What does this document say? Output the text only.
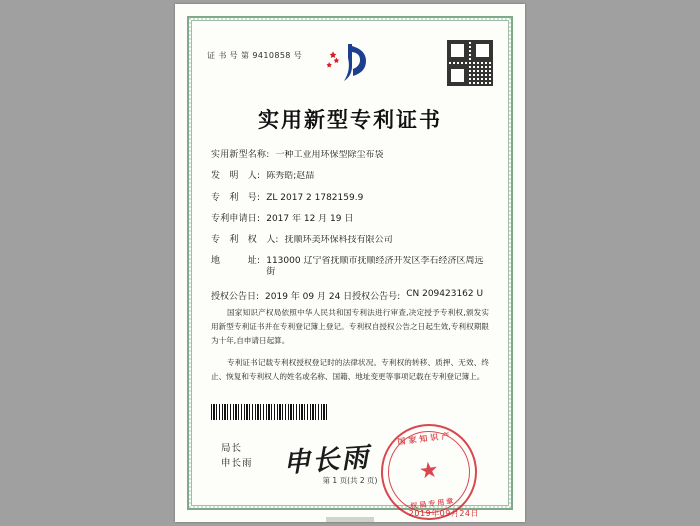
证 书 号 第 9410858 号
实用新型专利证书
实用新型名称: 一种工业用环保型除尘布袋
发　明　人: 陈秀皓;赵喆
专　利　号: ZL 2017 2 1782159.9
专利申请日: 2017 年 12 月 19 日
专　利　权　人: 抚顺环美环保科技有限公司
地　　　址: 113000 辽宁省抚顺市抚顺经济开发区李石经济区周远街
授权公告日: 2019 年 09 月 24 日 授权公告号: CN 209423162 U
国家知识产权局依照中华人民共和国专利法进行审查,决定授予专利权,颁发实用新型专利证书并在专利登记簿上登记。专利权自授权公告之日起生效,专利权期限为十年,自申请日起算。
专利证书记载专利权授权登记时的法律状况。专利权的转移、质押、无效、终止、恢复和专利权人的姓名或名称、国籍、地址变更等事项记载在专利登记簿上。
局长
申长雨 申长雨
国家知识产
★
权局专用章
2019年09月24日
第 1 页(共 2 页)
